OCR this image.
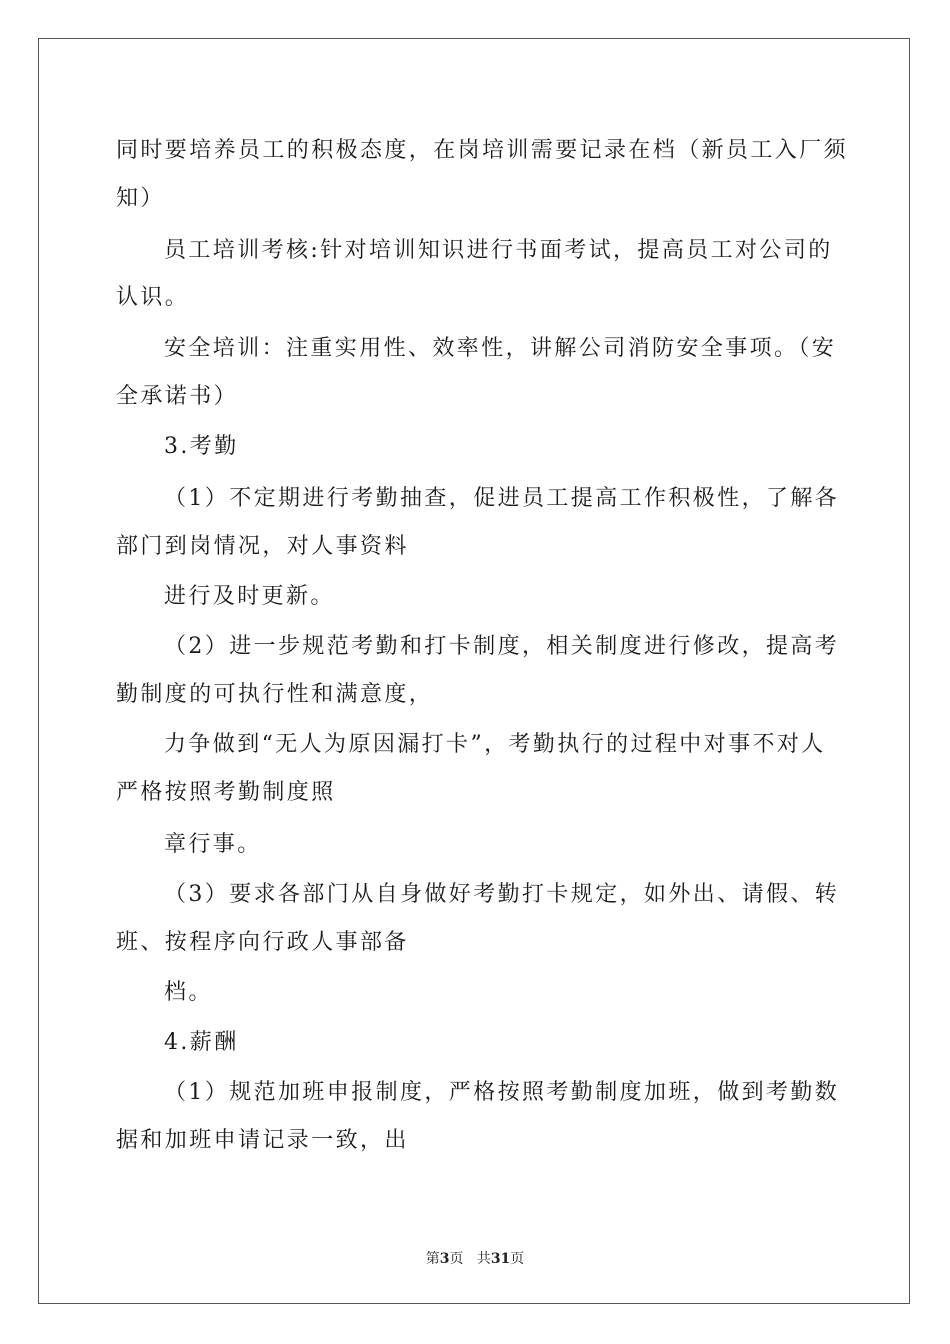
同时要培养员工的积极态度，在岗培训需要记录在档（新员工入厂须
知）
员工培训考核:针对培训知识进行书面考试，提高员工对公司的
认识。
安全培训：注重实用性、效率性，讲解公司消防安全事项。（安
全承诺书）
3.考勤
（1）不定期进行考勤抽查，促进员工提高工作积极性，了解各
部门到岗情况，对人事资料
进行及时更新。
（2）进一步规范考勤和打卡制度，相关制度进行修改，提高考
勤制度的可执行性和满意度，
力争做到“无人为原因漏打卡”，考勤执行的过程中对事不对人
严格按照考勤制度照
章行事。
（3）要求各部门从自身做好考勤打卡规定，如外出、请假、转
班、按程序向行政人事部备
档。
4.薪酬
（1）规范加班申报制度，严格按照考勤制度加班，做到考勤数
据和加班申请记录一致，出
第3页 共31页
